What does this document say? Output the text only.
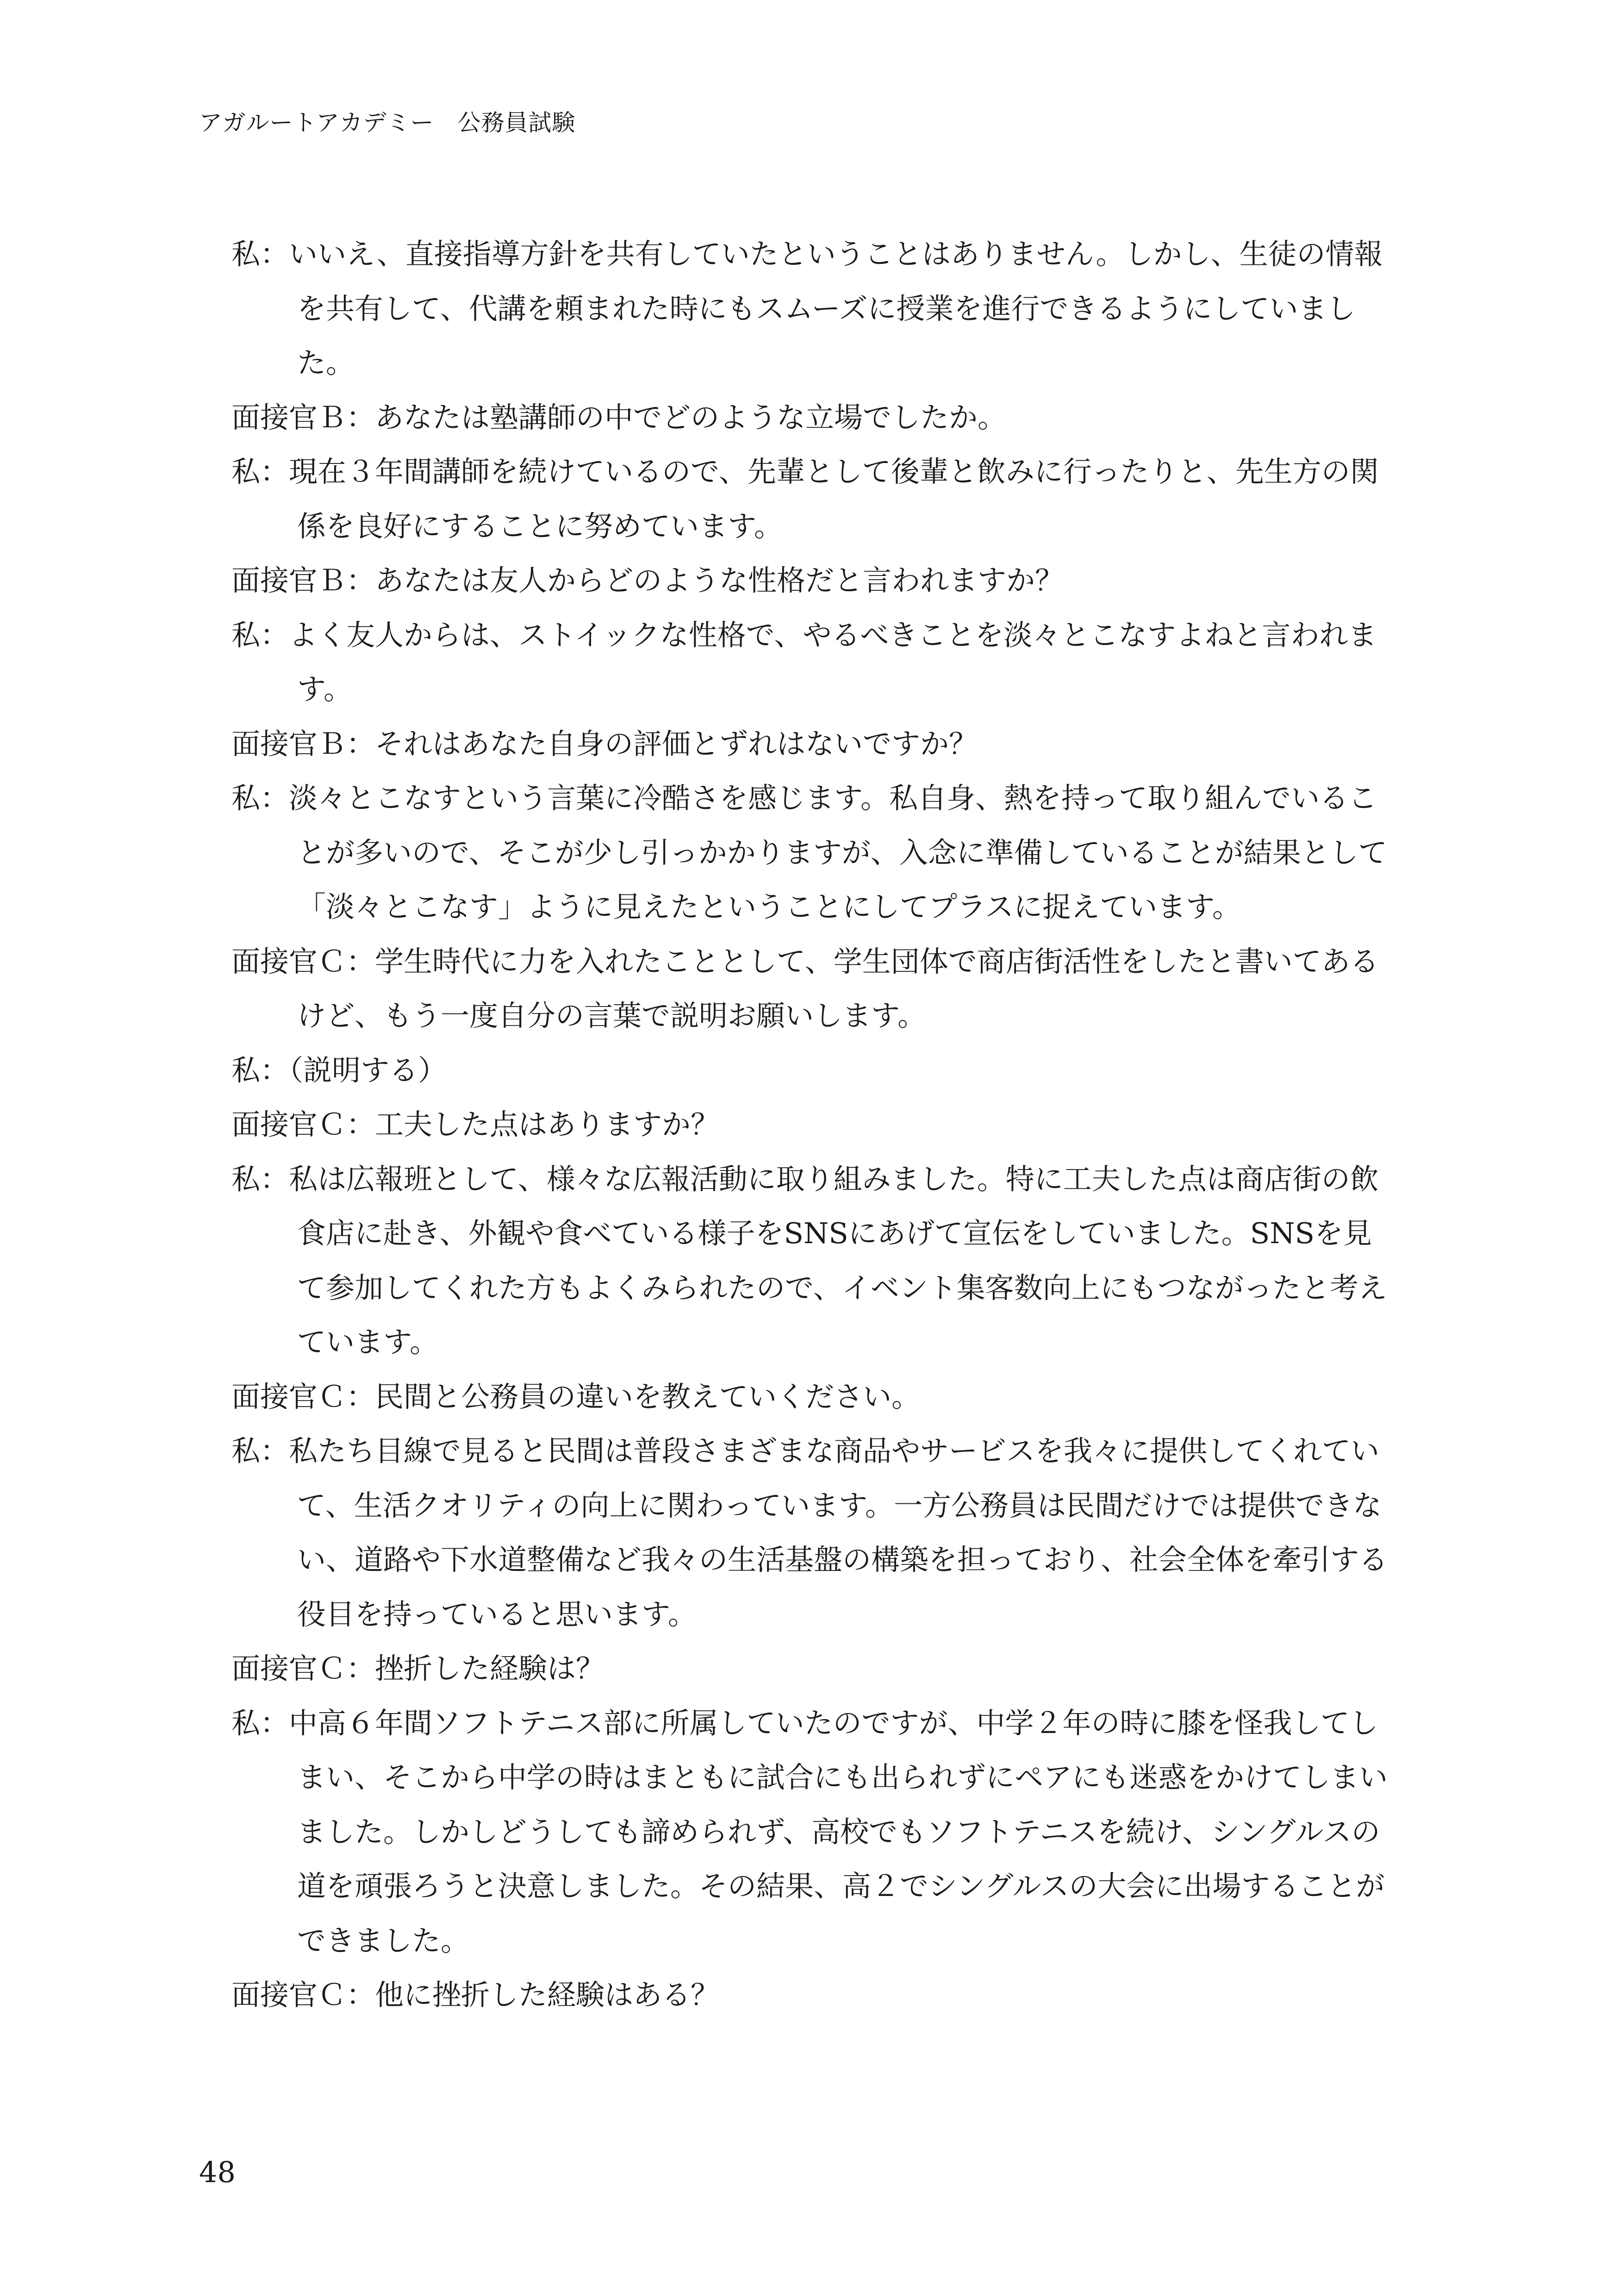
アガルートアカデミー　公務員試験

私：いいえ、直接指導方針を共有していたということはありません。しかし、生徒の情報を共有して、代講を頼まれた時にもスムーズに授業を進行できるようにしていました。

面接官Ｂ：あなたは塾講師の中でどのような立場でしたか。

私：現在３年間講師を続けているので、先輩として後輩と飲みに行ったりと、先生方の関係を良好にすることに努めています。

面接官Ｂ：あなたは友人からどのような性格だと言われますか？

私：よく友人からは、ストイックな性格で、やるべきことを淡々とこなすよねと言われます。

面接官Ｂ：それはあなた自身の評価とずれはないですか？

私：淡々とこなすという言葉に冷酷さを感じます。私自身、熱を持って取り組んでいることが多いので、そこが少し引っかかりますが、入念に準備していることが結果として「淡々とこなす」ように見えたということにしてプラスに捉えています。

面接官Ｃ：学生時代に力を入れたこととして、学生団体で商店街活性をしたと書いてあるけど、もう一度自分の言葉で説明お願いします。

私：（説明する）

面接官Ｃ：工夫した点はありますか？

私：私は広報班として、様々な広報活動に取り組みました。特に工夫した点は商店街の飲食店に赴き、外観や食べている様子をSNSにあげて宣伝をしていました。SNSを見て参加してくれた方もよくみられたので、イベント集客数向上にもつながったと考えています。

面接官Ｃ：民間と公務員の違いを教えていください。

私：私たち目線で見ると民間は普段さまざまな商品やサービスを我々に提供してくれていて、生活クオリティの向上に関わっています。一方公務員は民間だけでは提供できない、道路や下水道整備など我々の生活基盤の構築を担っており、社会全体を牽引する役目を持っていると思います。

面接官Ｃ：挫折した経験は？

私：中高６年間ソフトテニス部に所属していたのですが、中学２年の時に膝を怪我してしまい、そこから中学の時はまともに試合にも出られずにペアにも迷惑をかけてしまいました。しかしどうしても諦められず、高校でもソフトテニスを続け、シングルスの道を頑張ろうと決意しました。その結果、高２でシングルスの大会に出場することができました。

面接官Ｃ：他に挫折した経験はある？

48
